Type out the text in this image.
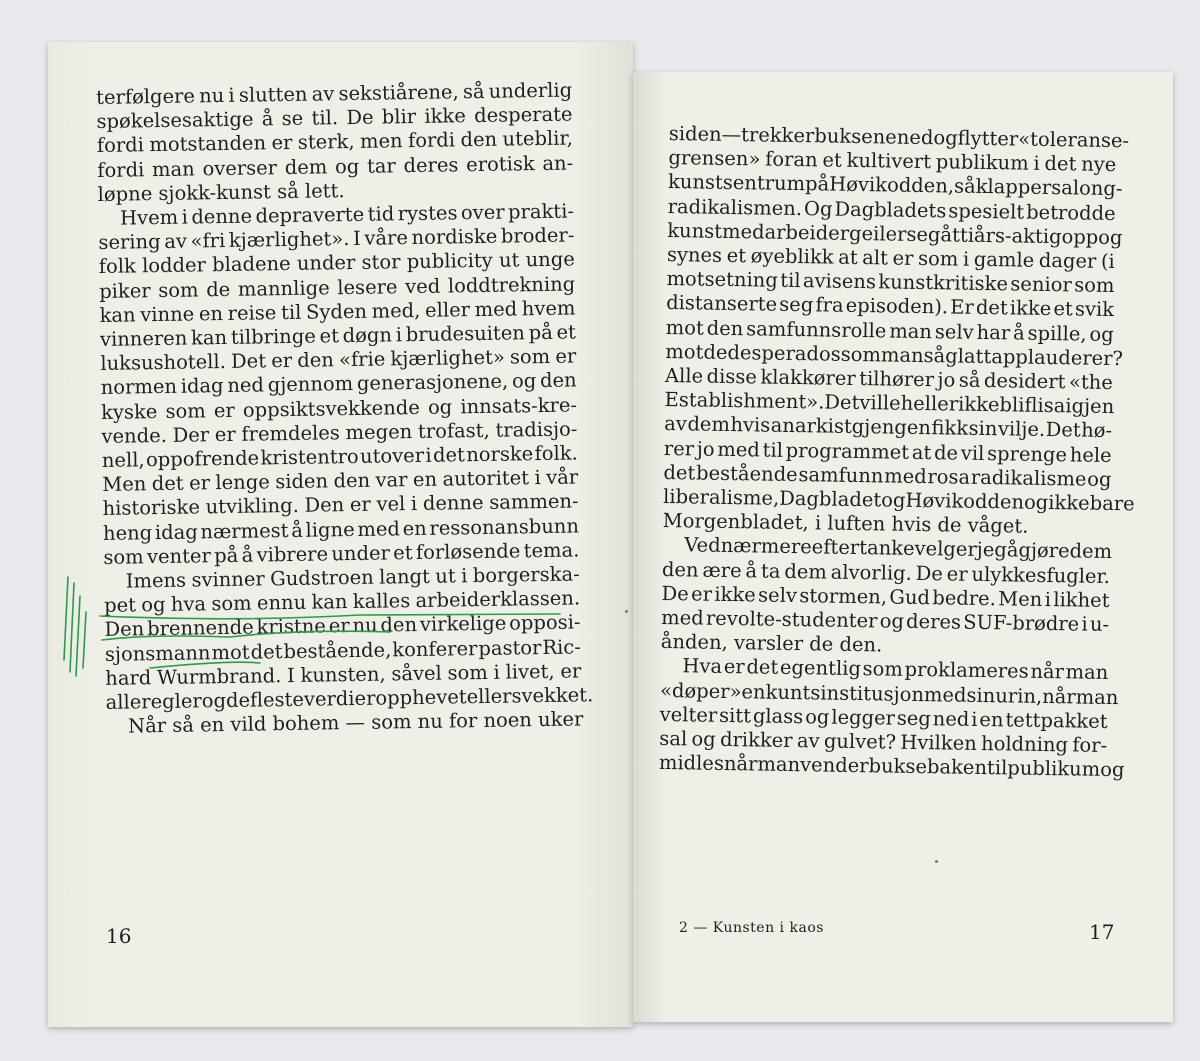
terfølgere nu i slutten av sekstiårene, så underlig
spøkelsesaktige å se til. De blir ikke desperate
fordi motstanden er sterk, men fordi den uteblir,
fordi man overser dem og tar deres erotisk an-
løpne sjokk-kunst så lett.
Hvem i denne depraverte tid rystes over prakti-
sering av «fri kjærlighet». I våre nordiske broder-
folk lodder bladene under stor publicity ut unge
piker som de mannlige lesere ved loddtrekning
kan vinne en reise til Syden med, eller med hvem
vinneren kan tilbringe et døgn i brudesuiten på et
luksushotell. Det er den «frie kjærlighet» som er
normen idag ned gjennom generasjonene, og den
kyske som er oppsiktsvekkende og innsats-kre-
vende. Der er fremdeles megen trofast, tradisjo-
nell, oppofrende kristentro utover i det norske folk.
Men det er lenge siden den var en autoritet i vår
historiske utvikling. Den er vel i denne sammen-
heng idag nærmest å ligne med en ressonansbunn
som venter på å vibrere under et forløsende tema.
Imens svinner Gudstroen langt ut i borgerska-
pet og hva som ennu kan kalles arbeiderklassen.
Den brennende kristne er nu den virkelige opposi-
sjonsmann mot det bestående, konferer pastor Ric-
hard Wurmbrand. I kunsten, såvel som i livet, er
alle regler og de fleste verdier opphevet eller svekket.
Når så en vild bohem — som nu for noen uker
16
siden — trekker buksene ned og flytter «toleranse-
grensen» foran et kultivert publikum i det nye
kunstsentrum på Høvikodden, så klapper salong-
radikalismen. Og Dagbladets spesielt betrodde
kunstmedarbeider geiler seg åttiårs-aktig opp og
synes et øyeblikk at alt er som i gamle dager (i
motsetning til avisens kunstkritiske senior som
distanserte seg fra episoden). Er det ikke et svik
mot den samfunnsrolle man selv har å spille, og
mot de desperados som man så glatt applauderer?
Alle disse klakkører tilhører jo så desidert «the
Establishment». Det ville heller ikke bli flisa igjen
av dem hvis anarkistgjengen fikk sin vilje. Det hø-
rer jo med til programmet at de vil sprenge hele
det bestående samfunn med rosa radikalisme og
liberalisme, Dagbladet og Høvikodden og ikke bare
Morgenbladet, i luften hvis de våget.
Ved nærmere eftertanke velger jeg å gjøre dem
den ære å ta dem alvorlig. De er ulykkesfugler.
De er ikke selv stormen, Gud bedre. Men i likhet
med revolte-studenter og deres SUF-brødre i u-
ånden, varsler de den.
Hva er det egentlig som proklameres når man
«døper» en kuntsinstitusjon med sin urin, når man
velter sitt glass og legger seg ned i en tettpakket
sal og drikker av gulvet? Hvilken holdning for-
midles når man vender buksebaken til publikum og
2 — Kunsten i kaos	17
